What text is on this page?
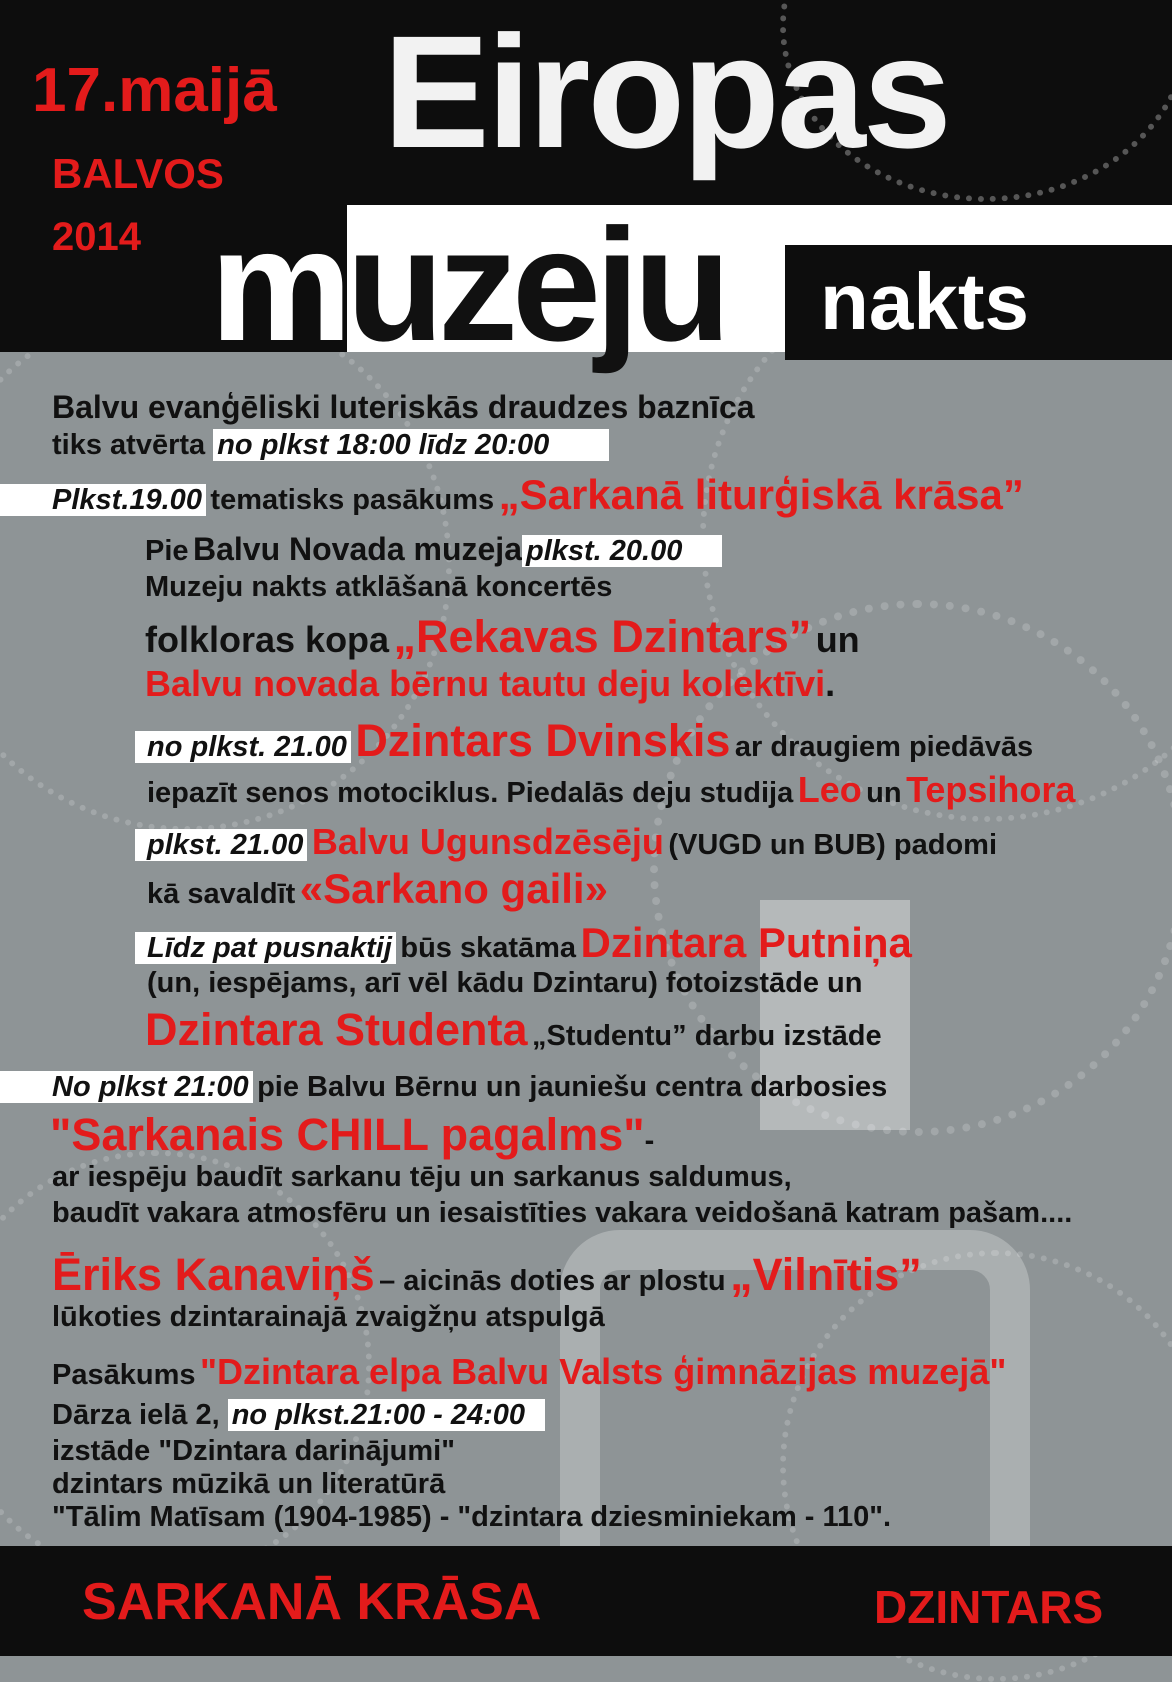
Eiropas
muzeju nakts
17.maijā
BALVOS
2014
Balvu evanģēliski luteriskās draudzes baznīca
tiks atvērta no plkst 18:00 līdz 20:00
Plkst.19.00 tematisks pasākums „Sarkanā liturģiskā krāsa”
Pie Balvu Novada muzeja plkst. 20.00
Muzeju nakts atklāšanā koncertēs
folkloras kopa „Rekavas Dzintars” un
Balvu novada bērnu tautu deju kolektīvi.
no plkst. 21.00 Dzintars Dvinskis ar draugiem piedāvās
iepazīt senos motociklus. Piedalās deju studija Leo un Tepsihora
plkst. 21.00 Balvu Ugunsdzēsēju (VUGD un BUB) padomi
kā savaldīt «Sarkano gaili»
Līdz pat pusnaktij būs skatāma Dzintara Putniņa
(un, iespējams, arī vēl kādu Dzintaru) fotoizstāde un
Dzintara Studenta „Studentu” darbu izstāde
No plkst 21:00 pie Balvu Bērnu un jauniešu centra darbosies
"Sarkanais CHILL pagalms"-
ar iespēju baudīt sarkanu tēju un sarkanus saldumus,
baudīt vakara atmosfēru un iesaistīties vakara veidošanā katram pašam....
Ēriks Kanaviņš – aicinās doties ar plostu „Vilnītis”
lūkoties dzintarainajā zvaigžņu atspulgā
Pasākums "Dzintara elpa Balvu Valsts ģimnāzijas muzejā"
Dārza ielā 2, no plkst.21:00 - 24:00
izstāde "Dzintara darinājumi"
dzintars mūzikā un literatūrā
"Tālim Matīsam (1904-1985) - "dzintara dziesminiekam - 110".
SARKANĀ KRĀSA	DZINTARS
